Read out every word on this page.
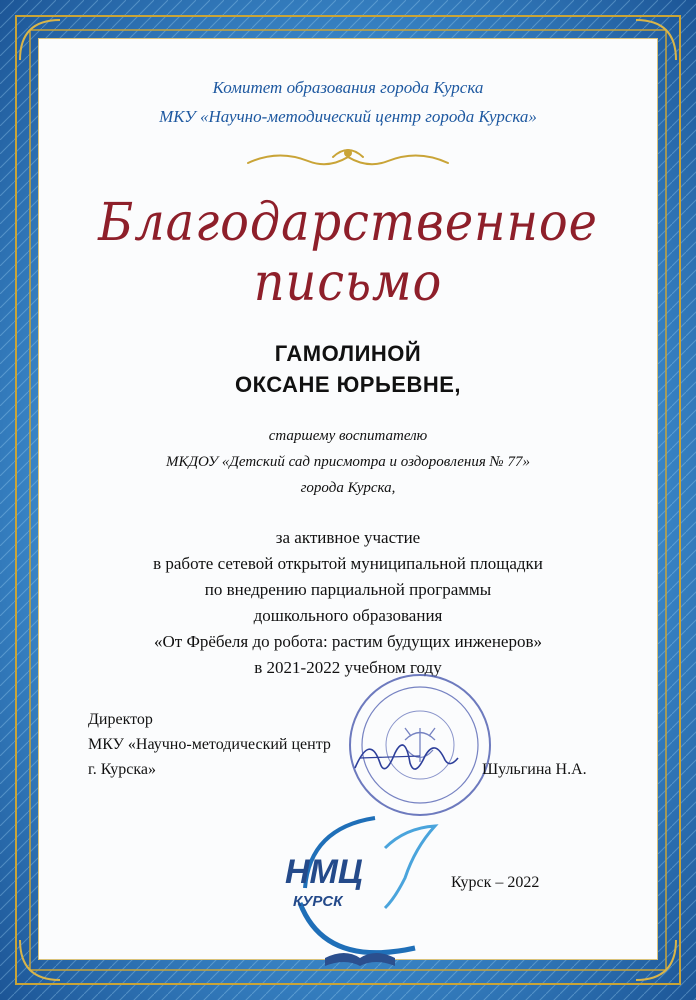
Комитет образования города Курска
МКУ «Научно-методический центр города Курска»
Благодарственное письмо
ГАМОЛИНОЙ
ОКСАНЕ ЮРЬЕВНЕ,
старшему воспитателю
МКДОУ «Детский сад присмотра и оздоровления № 77»
города Курска,
за активное участие
в работе сетевой открытой муниципальной площадки
по внедрению парциальной программы
дошкольного образования
«От Фрёбеля до робота: растим будущих инженеров»
в 2021-2022 учебном году
Директор
МКУ «Научно-методический центр
г. Курска»	Шульгина Н.А.
НМЦ
КУРСК
Курск – 2022
